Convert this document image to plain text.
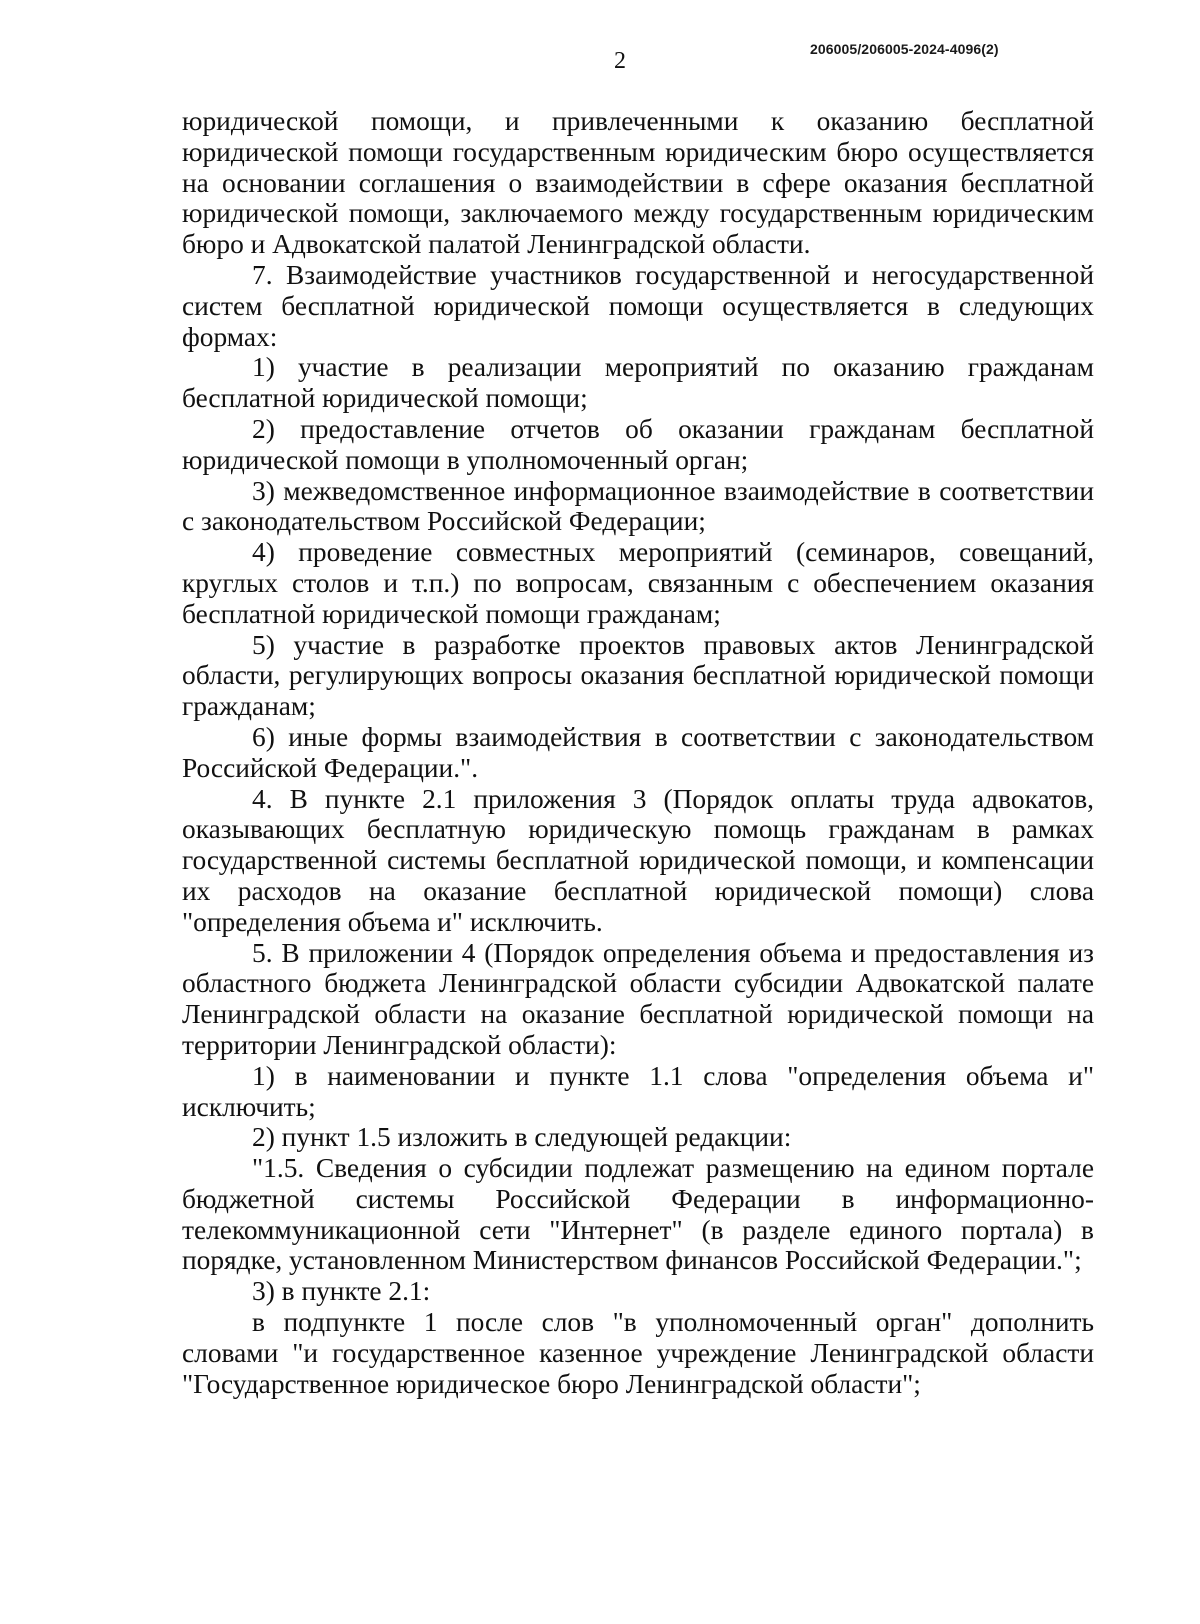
2	206005/206005-2024-4096(2)

юридической помощи, и привлеченными к оказанию бесплатной юридической помощи государственным юридическим бюро осуществляется на основании соглашения о взаимодействии в сфере оказания бесплатной юридической помощи, заключаемого между государственным юридическим бюро и Адвокатской палатой Ленинградской области.

7. Взаимодействие участников государственной и негосударственной систем бесплатной юридической помощи осуществляется в следующих формах:

1) участие в реализации мероприятий по оказанию гражданам бесплатной юридической помощи;

2) предоставление отчетов об оказании гражданам бесплатной юридической помощи в уполномоченный орган;

3) межведомственное информационное взаимодействие в соответствии с законодательством Российской Федерации;

4) проведение совместных мероприятий (семинаров, совещаний, круглых столов и т.п.) по вопросам, связанным с обеспечением оказания бесплатной юридической помощи гражданам;

5) участие в разработке проектов правовых актов Ленинградской области, регулирующих вопросы оказания бесплатной юридической помощи гражданам;

6) иные формы взаимодействия в соответствии с законодательством Российской Федерации.".

4. В пункте 2.1 приложения 3 (Порядок оплаты труда адвокатов, оказывающих бесплатную юридическую помощь гражданам в рамках государственной системы бесплатной юридической помощи, и компенсации их расходов на оказание бесплатной юридической помощи) слова "определения объема и" исключить.

5. В приложении 4 (Порядок определения объема и предоставления из областного бюджета Ленинградской области субсидии Адвокатской палате Ленинградской области на оказание бесплатной юридической помощи на территории Ленинградской области):

1) в наименовании и пункте 1.1 слова "определения объема и" исключить;

2) пункт 1.5 изложить в следующей редакции:

"1.5. Сведения о субсидии подлежат размещению на едином портале бюджетной системы Российской Федерации в информационно-телекоммуникационной сети "Интернет" (в разделе единого портала) в порядке, установленном Министерством финансов Российской Федерации.";

3) в пункте 2.1:

в подпункте 1 после слов "в уполномоченный орган" дополнить словами "и государственное казенное учреждение Ленинградской области "Государственное юридическое бюро Ленинградской области";
